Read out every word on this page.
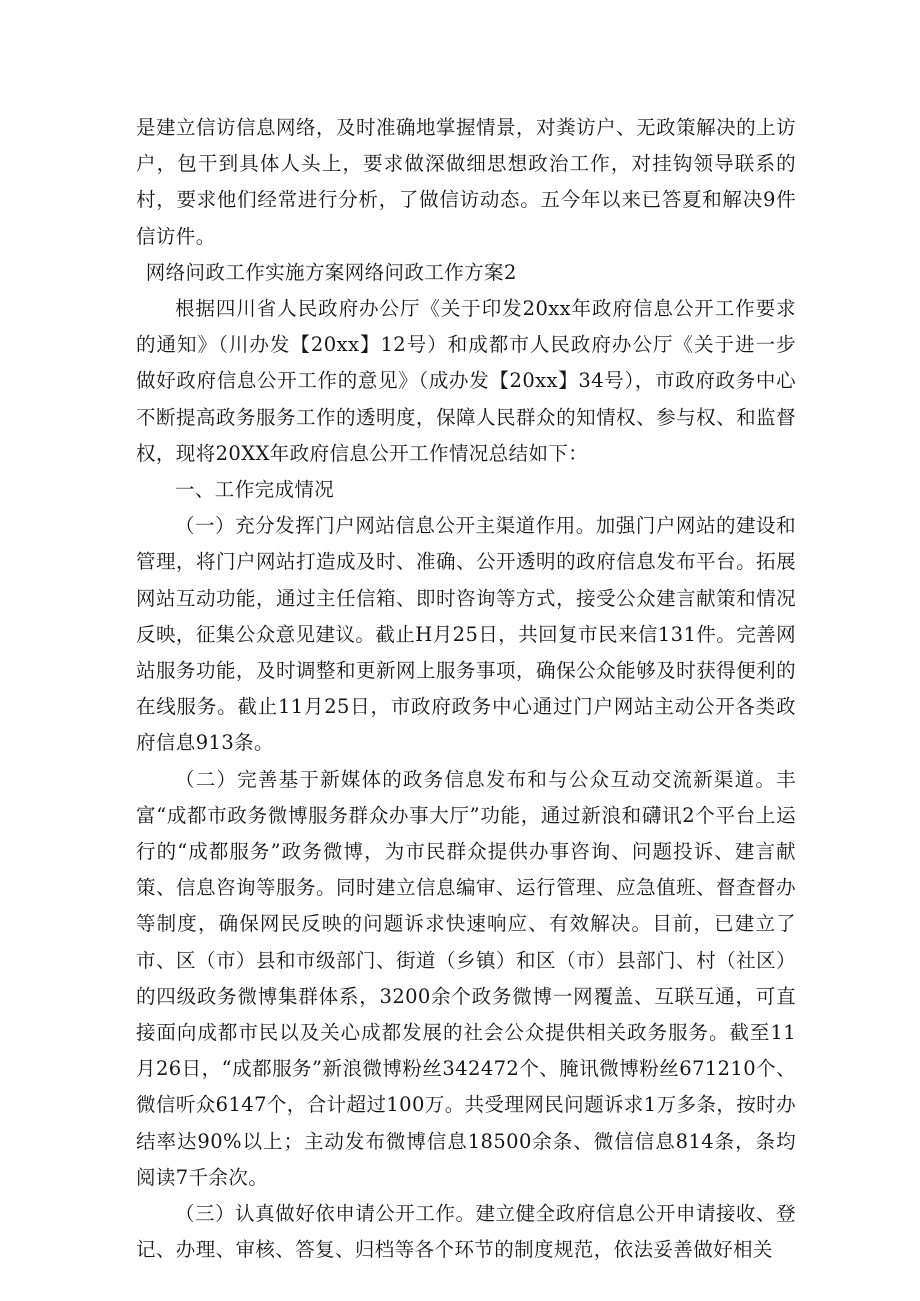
是建立信访信息网络，及时准确地掌握情景，对粪访户、无政策解决的上访户，包干到具体人头上，要求做深做细思想政治工作，对挂钩领导联系的村，要求他们经常进行分析，了做信访动态。五今年以来已答夏和解决9件信访件。

网络问政工作实施方案网络问政工作方案2

根据四川省人民政府办公厅《关于印发20xx年政府信息公开工作要求的通知》（川办发【20xx】12号）和成都市人民政府办公厅《关于进一步做好政府信息公开工作的意见》（成办发【20xx】34号），市政府政务中心不断提高政务服务工作的透明度，保障人民群众的知情权、参与权、和监督权，现将20XX年政府信息公开工作情况总结如下：

一、工作完成情况

（一）充分发挥门户网站信息公开主渠道作用。加强门户网站的建设和管理，将门户网站打造成及时、准确、公开透明的政府信息发布平台。拓展网站互动功能，通过主任信箱、即时咨询等方式，接受公众建言献策和情况反映，征集公众意见建议。截止H月25日，共回复市民来信131件。完善网站服务功能，及时调整和更新网上服务事项，确保公众能够及时获得便利的在线服务。截止11月25日，市政府政务中心通过门户网站主动公开各类政府信息913条。

（二）完善基于新媒体的政务信息发布和与公众互动交流新渠道。丰富“成都市政务微博服务群众办事大厅”功能，通过新浪和礴讯2个平台上运行的“成都服务”政务微博，为市民群众提供办事咨询、问题投诉、建言献策、信息咨询等服务。同时建立信息编审、运行管理、应急值班、督查督办等制度，确保网民反映的问题诉求快速响应、有效解决。目前，已建立了市、区（市）县和市级部门、街道（乡镇）和区（市）县部门、村（社区）的四级政务微博集群体系，3200余个政务微博一网覆盖、互联互通，可直接面向成都市民以及关心成都发展的社会公众提供相关政务服务。截至11月26日，“成都服务”新浪微博粉丝342472个、腌讯微博粉丝671210个、微信听众6147个，合计超过100万。共受理网民问题诉求1万多条，按时办结率达90%以上；主动发布微博信息18500余条、微信信息814条，条均阅读7千余次。

（三）认真做好依申请公开工作。建立健全政府信息公开申请接收、登记、办理、审核、答复、归档等各个环节的制度规范，依法妥善做好相关
